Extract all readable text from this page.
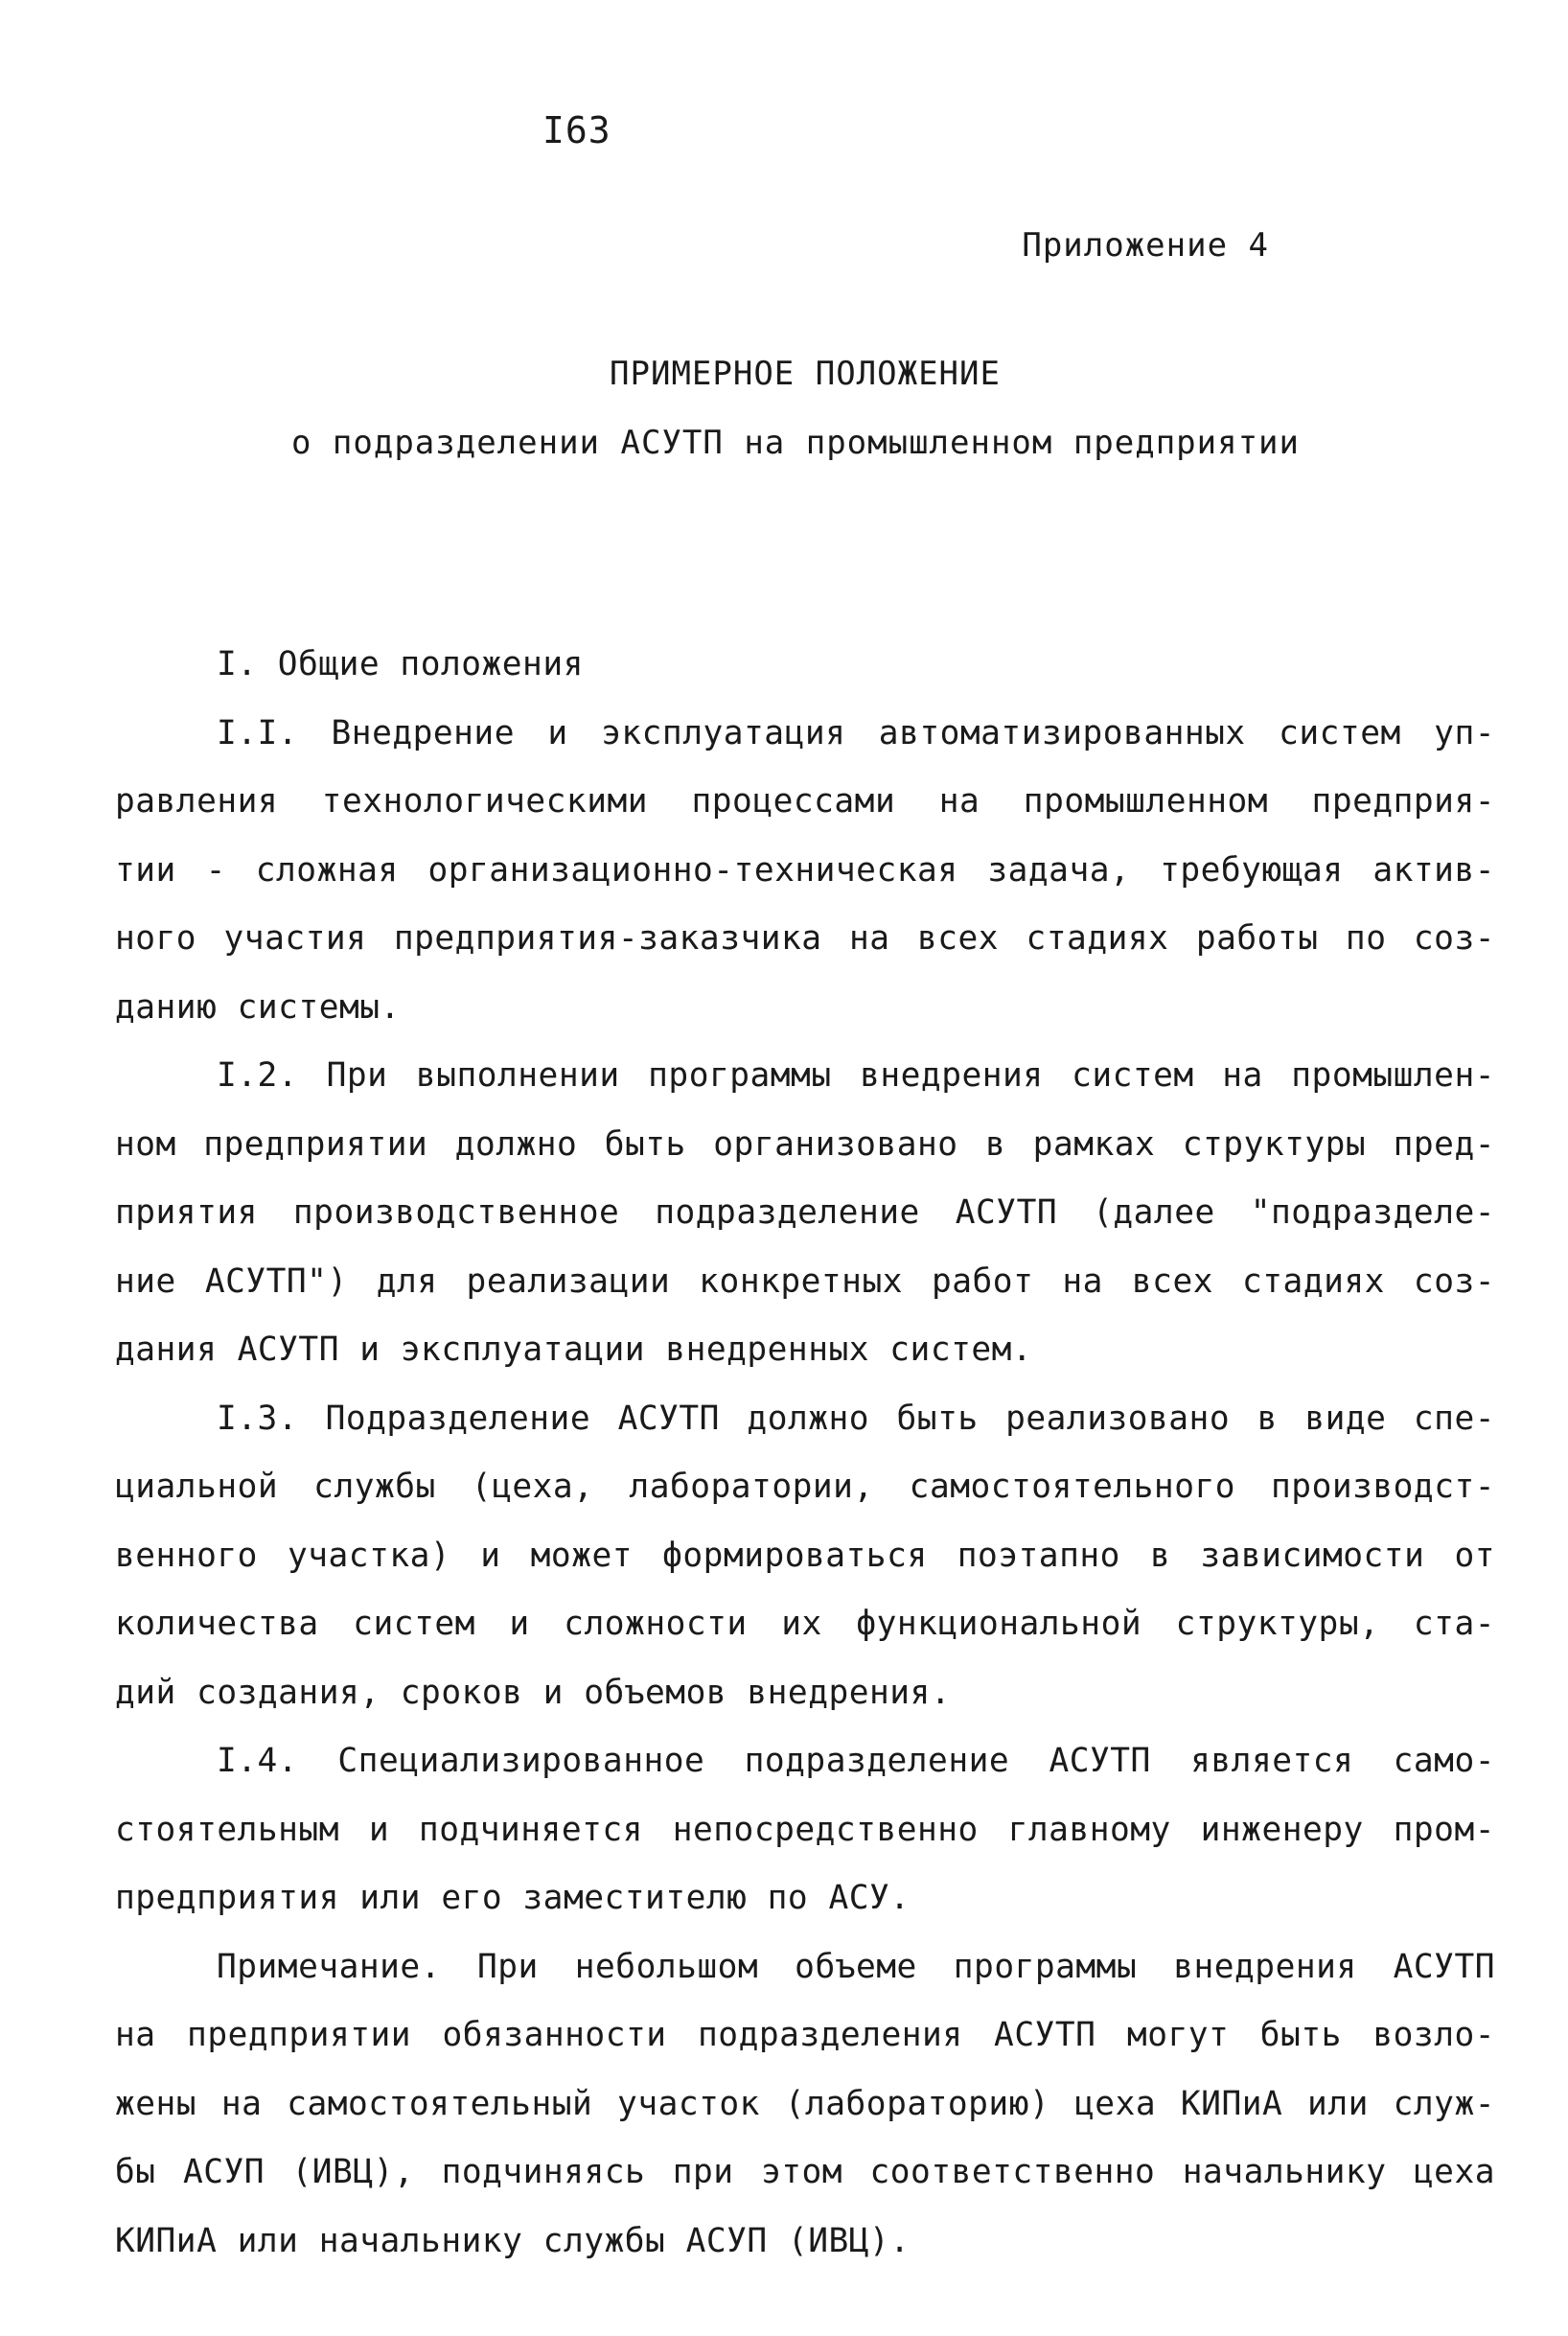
I63
Приложение 4
ПРИМЕРНОЕ ПОЛОЖЕНИЕ
о подразделении АСУТП на промышленном предприятии

I. Общие положения

I.I. Внедрение и эксплуатация автоматизированных систем уп-
равления технологическими процессами на промышленном предприя-
тии - сложная организационно-техническая задача, требующая актив-
ного участия предприятия-заказчика на всех стадиях работы по соз-
данию системы.

I.2. При выполнении программы внедрения систем на промышлен-
ном предприятии должно быть организовано в рамках структуры пред-
приятия производственное подразделение АСУТП (далее "подразделе-
ние АСУТП") для реализации конкретных работ на всех стадиях соз-
дания АСУТП и эксплуатации внедренных систем.

I.3. Подразделение АСУТП должно быть реализовано в виде спе-
циальной службы (цеха, лаборатории, самостоятельного производст-
венного участка) и может формироваться поэтапно в зависимости от
количества систем и сложности их функциональной структуры, ста-
дий создания, сроков и объемов внедрения.

I.4. Специализированное подразделение АСУТП является само-
стоятельным и подчиняется непосредственно главному инженеру пром-
предприятия или его заместителю по АСУ.

Примечание. При небольшом объеме программы внедрения АСУТП
на предприятии обязанности подразделения АСУТП могут быть возло-
жены на самостоятельный участок (лабораторию) цеха КИПиА или служ-
бы АСУП (ИВЦ), подчиняясь при этом соответственно начальнику цеха
КИПиА или начальнику службы АСУП (ИВЦ).
